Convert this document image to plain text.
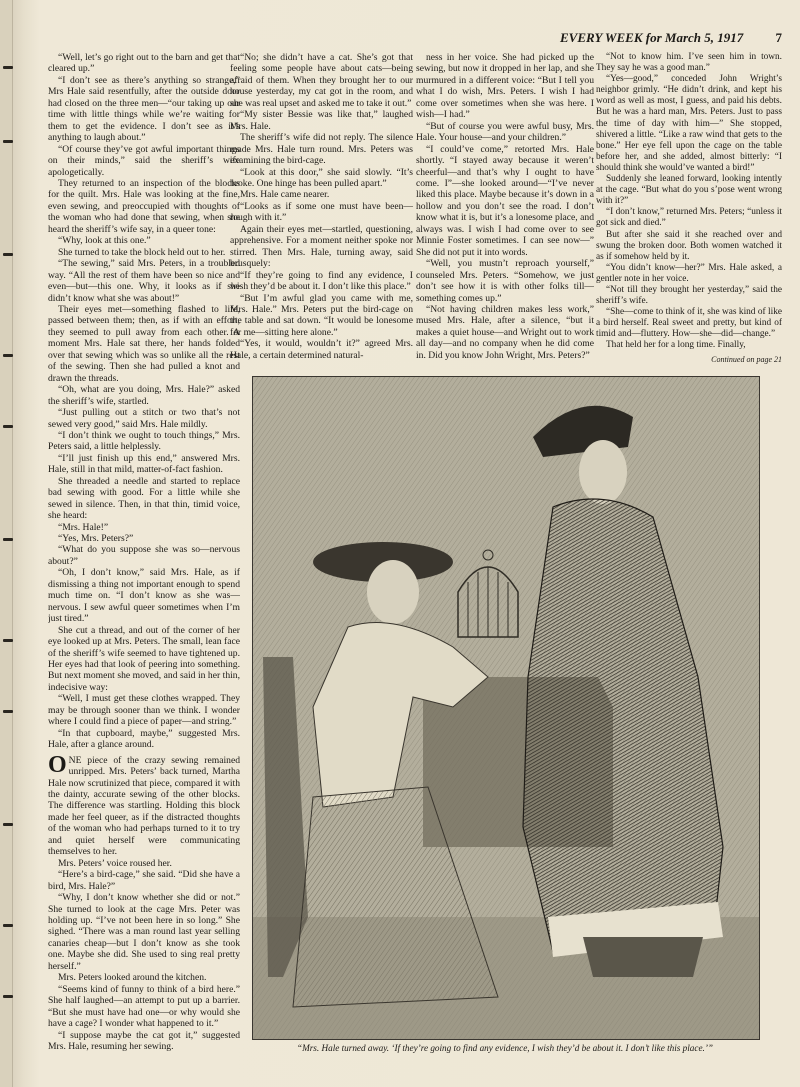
EVERY WEEK for March 5, 1917 7

“Well, let’s go right out to the barn and get that cleared up.”

“I don’t see as there’s anything so strange,” Mrs Hale said resentfully, after the outside door had closed on the three men—“our taking up our time with little things while we’re waiting for them to get the evidence. I don’t see as it’s anything to laugh about.”

“Of course they’ve got awful important things on their minds,” said the sheriff’s wife apologetically.

They returned to an inspection of the blocks for the quilt. Mrs. Hale was looking at the fine, even sewing, and preoccupied with thoughts of the woman who had done that sewing, when she heard the sheriff’s wife say, in a queer tone:

“Why, look at this one.”

She turned to take the block held out to her.

“The sewing,” said Mrs. Peters, in a troubled way. “All the rest of them have been so nice and even—but—this one. Why, it looks as if she didn’t know what she was about!”

Their eyes met—something flashed to life, passed between them; then, as if with an effort, they seemed to pull away from each other. A moment Mrs. Hale sat there, her hands folded over that sewing which was so unlike all the rest of the sewing. Then she had pulled a knot and drawn the threads.

“Oh, what are you doing, Mrs. Hale?” asked the sheriff’s wife, startled.

“Just pulling out a stitch or two that’s not sewed very good,” said Mrs. Hale mildly.

“I don’t think we ought to touch things,” Mrs. Peters said, a little helplessly.

“I’ll just finish up this end,” answered Mrs. Hale, still in that mild, matter-of-fact fashion.

She threaded a needle and started to replace bad sewing with good. For a little while she sewed in silence. Then, in that thin, timid voice, she heard:

“Mrs. Hale!”

“Yes, Mrs. Peters?”

“What do you suppose she was so—nervous about?”

“Oh, I don’t know,” said Mrs. Hale, as if dismissing a thing not important enough to spend much time on. “I don’t know as she was—nervous. I sew awful queer sometimes when I’m just tired.”

She cut a thread, and out of the corner of her eye looked up at Mrs. Peters. The small, lean face of the sheriff’s wife seemed to have tightened up. Her eyes had that look of peering into something. But next moment she moved, and said in her thin, indecisive way:

“Well, I must get these clothes wrapped. They may be through sooner than we think. I wonder where I could find a piece of paper—and string.”

“In that cupboard, maybe,” suggested Mrs. Hale, after a glance around.

ONE piece of the crazy sewing remained unripped. Mrs. Peters’ back turned, Martha Hale now scrutinized that piece, compared it with the dainty, accurate sewing of the other blocks. The difference was startling. Holding this block made her feel queer, as if the distracted thoughts of the woman who had perhaps turned to it to try and quiet herself were communicating themselves to her.

Mrs. Peters’ voice roused her.

“Here’s a bird-cage,” she said. “Did she have a bird, Mrs. Hale?”

“Why, I don’t know whether she did or not.” She turned to look at the cage Mrs. Peter was holding up. “I’ve not been here in so long.” She sighed. “There was a man round last year selling canaries cheap—but I don’t know as she took one. Maybe she did. She used to sing real pretty herself.”

Mrs. Peters looked around the kitchen.

“Seems kind of funny to think of a bird here.” She half laughed—an attempt to put up a barrier. “But she must have had one—or why would she have a cage? I wonder what happened to it.”

“I suppose maybe the cat got it,” suggested Mrs. Hale, resuming her sewing.

“No; she didn’t have a cat. She’s got that feeling some people have about cats—being afraid of them. When they brought her to our house yesterday, my cat got in the room, and she was real upset and asked me to take it out.”

“My sister Bessie was like that,” laughed Mrs. Hale.

The sheriff’s wife did not reply. The silence made Mrs. Hale turn round. Mrs. Peters was examining the bird-cage.

“Look at this door,” she said slowly. “It’s broke. One hinge has been pulled apart.”

Mrs. Hale came nearer.

“Looks as if some one must have been—rough with it.”

Again their eyes met—startled, questioning, apprehensive. For a moment neither spoke nor stirred. Then Mrs. Hale, turning away, said brusquely:

“If they’re going to find any evidence, I wish they’d be about it. I don’t like this place.”

“But I’m awful glad you came with me, Mrs. Hale.” Mrs. Peters put the bird-cage on the table and sat down. “It would be lonesome for me—sitting here alone.”

“Yes, it would, wouldn’t it?” agreed Mrs. Hale, a certain determined natural-

ness in her voice. She had picked up the sewing, but now it dropped in her lap, and she murmured in a different voice: “But I tell you what I do wish, Mrs. Peters. I wish I had come over sometimes when she was here. I wish—I had.”

“But of course you were awful busy, Mrs. Hale. Your house—and your children.”

“I could’ve come,” retorted Mrs. Hale shortly. “I stayed away because it weren’t cheerful—and that’s why I ought to have come. I”—she looked around—“I’ve never liked this place. Maybe because it’s down in a hollow and you don’t see the road. I don’t know what it is, but it’s a lonesome place, and always was. I wish I had come over to see Minnie Foster sometimes. I can see now—” She did not put it into words.

“Well, you mustn’t reproach yourself,” counseled Mrs. Peters. “Somehow, we just don’t see how it is with other folks till—something comes up.”

“Not having children makes less work,” mused Mrs. Hale, after a silence, “but it makes a quiet house—and Wright out to work all day—and no company when he did come in. Did you know John Wright, Mrs. Peters?”

“Not to know him. I’ve seen him in town. They say he was a good man.”

“Yes—good,” conceded John Wright’s neighbor grimly. “He didn’t drink, and kept his word as well as most, I guess, and paid his debts. But he was a hard man, Mrs. Peters. Just to pass the time of day with him—” She stopped, shivered a little. “Like a raw wind that gets to the bone.” Her eye fell upon the cage on the table before her, and she added, almost bitterly: “I should think she would’ve wanted a bird!”

Suddenly she leaned forward, looking intently at the cage. “But what do you s’pose went wrong with it?”

“I don’t know,” returned Mrs. Peters; “unless it got sick and died.”

But after she said it she reached over and swung the broken door. Both women watched it as if somehow held by it.

“You didn’t know—her?” Mrs. Hale asked, a gentler note in her voice.

“Not till they brought her yesterday,” said the sheriff’s wife.

“She—come to think of it, she was kind of like a bird herself. Real sweet and pretty, but kind of timid and—fluttery. How—she—did—change.”

That held her for a long time. Finally,

Continued on page 21
“Mrs. Hale turned away. ‘If they’re going to find any evidence, I wish they’d be about it. I don’t like this place.’”
